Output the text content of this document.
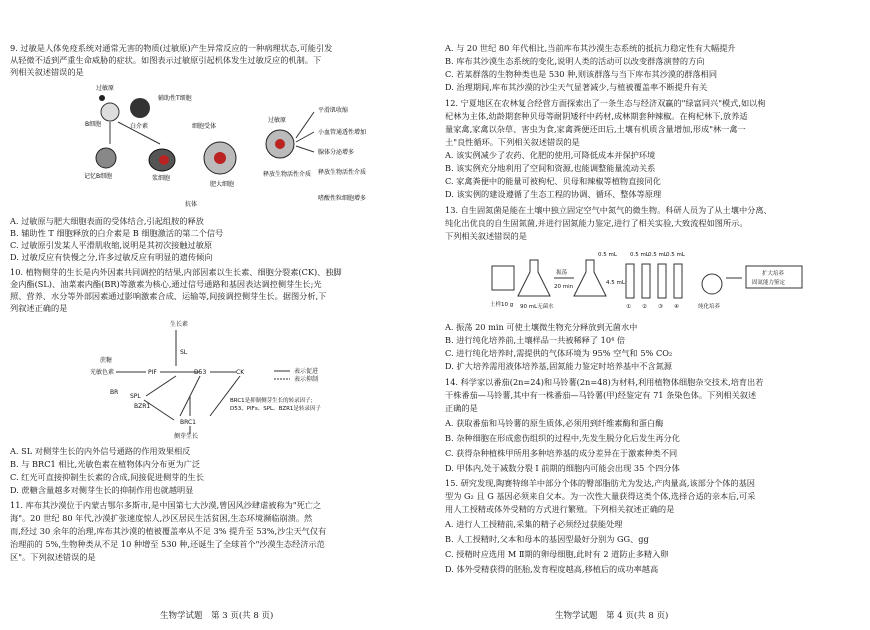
9. 过敏是人体免疫系统对通常无害的物质(过敏原)产生异常反应的一种病理状态,可能引发
从轻微不适到严重生命威胁的症状。如图表示过敏原引起机体发生过敏反应的机制。下
列相关叙述错误的是
过敏原
B细胞
辅助性T细胞
白介素
记忆B细胞	浆细胞
抗体
细胞受体
肥大细胞
过敏原
释放生物活性介质
平滑肌收缩
小血管通透性增加
腺体分泌增多
释放生物活性介质
嗜酸性粒细胞增多
A. 过敏原与肥大细胞表面的受体结合,引起组胺的释放
B. 辅助性 T 细胞释放的白介素是 B 细胞激活的第二个信号
C. 过敏原引发某人平滑肌收缩,说明是其初次接触过敏原
D. 过敏反应有快慢之分,许多过敏反应有明显的遗传倾向
10. 植物侧芽的生长是内外因素共同调控的结果,内部因素以生长素、细胞分裂素(CK)、独脚
金内酯(SL)、油菜素内酯(BR)等激素为核心,通过信号通路和基因表达调控侧芽生长;光
照、营养、水分等外部因素通过影响激素合成、运输等,间接调控侧芽生长。据图分析,下
列叙述正确的是
生长素
SL
蔗糖
光敏色素	PIF	D53
BR
BZR1
CK
SPL
BRC1
侧芽生长
表示促进
表示抑制
BRC1是抑制侧芽生长的转录因子;
D53、PIFs、SPL、BZR1是转录因子
A. SL 对侧芽生长的内外信号通路的作用效果相反
B. 与 BRC1 相比,光敏色素在植物体内分布更为广泛
C. 红光可直接抑制生长素的合成,间接促进侧芽的生长
D. 蔗糖含量越多对侧芽生长的抑制作用也就越明显
11. 库布其沙漠位于内蒙古鄂尔多斯市,是中国第七大沙漠,曾因风沙肆虐被称为"死亡之
海"。20 世纪 80 年代,沙漠扩张速度惊人,沙区居民生活贫困,生态环境濒临崩溃。然
而,经过 30 余年的治理,库布其沙漠的植被覆盖率从不足 3% 提升至 53%,沙尘天气仅有
治理前的 5%,生物种类从不足 10 种增至 530 种,还诞生了全球首个"沙漠生态经济示范
区"。下列叙述错误的是
生物学试题　第 3 页(共 8 页)
A. 与 20 世纪 80 年代相比,当前库布其沙漠生态系统的抵抗力稳定性有大幅提升
B. 库布其沙漠生态系统的变化,说明人类的活动可以改变群落演替的方向
C. 若某群落的生物种类也是 530 种,则该群落与当下库布其沙漠的群落相同
D. 治理期间,库布其沙漠的沙尘天气显著减少,与植被覆盖率不断提升有关
12. 宁夏地区在农林复合经营方面探索出了一条生态与经济双赢的"绿富同兴"模式,如以枸
杞林为主体,幼龄期套种贝母等耐阴矮秆中药材,成林期套种辣椒。在枸杞林下,放养适
量家禽,家禽以杂草、害虫为食,家禽粪便还田后,土壤有机质含量增加,形成"林一禽一
土"良性循环。下列相关叙述错误的是
A. 该实例减少了农药、化肥的使用,可降低成本并保护环境
B. 该实例充分地利用了空间和资源,也能调整能量流动关系
C. 家禽粪便中的能量可被枸杞、贝母和辣椒等植物直接同化
D. 该实例的建设遵循了生态工程的协调、循环、整体等原理
13. 自生固氮菌是能在土壤中独立固定空气中氮气的微生物。科研人员为了从土壤中分离、
纯化出优良的自生固氮菌,并进行固氮能力鉴定,进行了相关实验,大致流程如图所示。
下列相关叙述错误的是
土样10 g 90 mL无菌水
振荡
20 min
0.5 mL
4.5 mL
0.5 mL 0.5 mL 0.5 mL
① ② ③ ④	纯化培养
扩大培养
固氮能力鉴定
A. 振荡 20 min 可使土壤微生物充分释放到无菌水中
B. 进行纯化培养前,土壤样品一共被稀释了 10⁴ 倍
C. 进行纯化培养时,需提供的气体环境为 95% 空气和 5% CO₂
D. 扩大培养需用液体培养基,固氮能力鉴定时培养基中不含氮源
14. 科学家以番茄(2n=24)和马铃薯(2n=48)为材料,利用植物体细胞杂交技术,培育出若
干株番茄—马铃薯,其中有一株番茄—马铃薯(甲)经鉴定有 71 条染色体。下列相关叙述
正确的是
A. 获取番茄和马铃薯的原生质体,必须用到纤维素酶和蛋白酶
B. 杂种细胞在形成愈伤组织的过程中,先发生脱分化后发生再分化
C. 获得杂种植株甲所用多种培养基的成分差异在于激素种类不同
D. 甲体内,处于减数分裂 I 前期的细胞内可能会出现 35 个四分体
15. 研究发现,陶赛特绵羊中部分个体的臀部脂肪尤为发达,产肉量高,该部分个体的基因
型为 G₂ 且 G 基因必须来自父本。为一次性大量获得这类个体,选择合适的亲本后,可采
用人工授精或体外受精的方式进行繁殖。下列相关叙述正确的是
A. 进行人工授精前,采集的精子必须经过获能处理
B. 人工授精时,父本和母本的基因型最好分别为 GG、gg
C. 授精时应选用 M Ⅱ期的卵母细胞,此时有 2 道防止多精入卵
D. 体外受精获得的胚胎,发育程度越高,移植后的成功率越高
生物学试题　第 4 页(共 8 页)
